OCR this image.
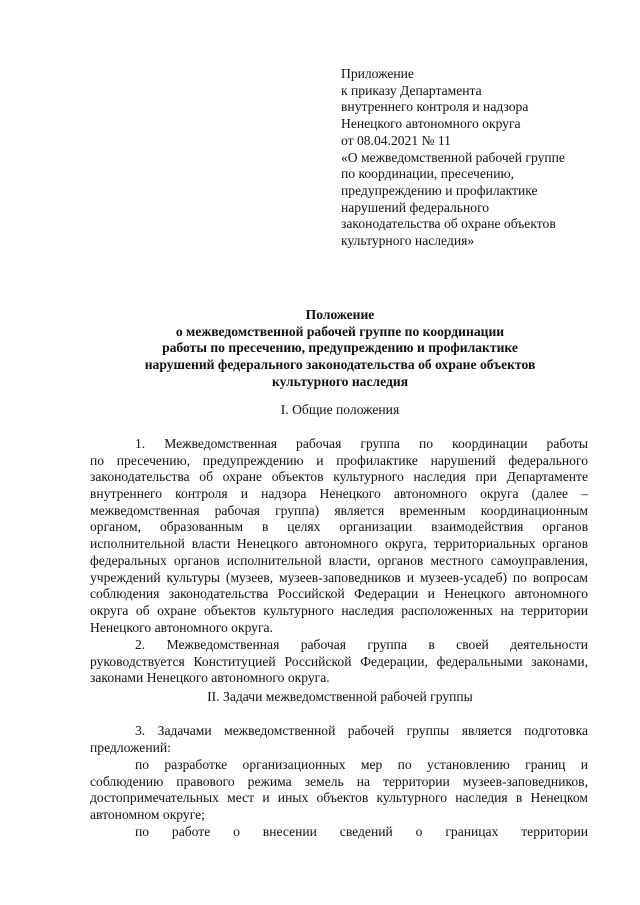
Приложение
к приказу Департамента
внутреннего контроля и надзора
Ненецкого автономного округа
от 08.04.2021 № 11
«О межведомственной рабочей группе
по координации, пресечению,
предупреждению и профилактике
нарушений федерального
законодательства об охране объектов
культурного наследия»
Положение
о межведомственной рабочей группе по координации
работы по пресечению, предупреждению и профилактике
нарушений федерального законодательства об охране объектов
культурного наследия
I. Общие положения
1. Межведомственная рабочая группа по координации работы
по пресечению, предупреждению и профилактике нарушений федерального
законодательства об охране объектов культурного наследия при Департаменте
внутреннего контроля и надзора Ненецкого автономного округа (далее –
межведомственная рабочая группа) является временным координационным
органом, образованным в целях организации взаимодействия органов
исполнительной власти Ненецкого автономного округа, территориальных органов
федеральных органов исполнительной власти, органов местного самоуправления,
учреждений культуры (музеев, музеев-заповедников и музеев-усадеб) по вопросам
соблюдения законодательства Российской Федерации и Ненецкого автономного
округа об охране объектов культурного наследия расположенных на территории
Ненецкого автономного округа.
2. Межведомственная рабочая группа в своей деятельности
руководствуется Конституцией Российской Федерации, федеральными законами,
законами Ненецкого автономного округа.
II. Задачи межведомственной рабочей группы
3. Задачами межведомственной рабочей группы является подготовка
предложений:
по разработке организационных мер по установлению границ и
соблюдению правового режима земель на территории музеев-заповедников,
достопримечательных мест и иных объектов культурного наследия в Ненецком
автономном округе;
по работе о внесении сведений о границах территории
